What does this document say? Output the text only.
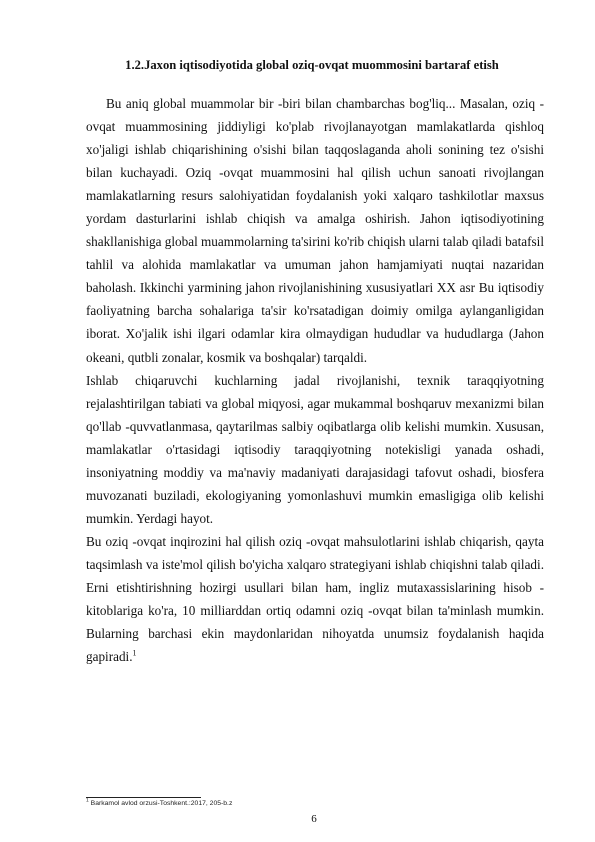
1.2.Jaxon iqtisodiyotida global oziq-ovqat muommosini bartaraf etish

Bu aniq global muammolar bir -biri bilan chambarchas bog'liq... Masalan, oziq -ovqat muammosining jiddiyligi ko'plab rivojlanayotgan mamlakatlarda qishloq xo'jaligi ishlab chiqarishining o'sishi bilan taqqoslaganda aholi sonining tez o'sishi bilan kuchayadi. Oziq -ovqat muammosini hal qilish uchun sanoati rivojlangan mamlakatlarning resurs salohiyatidan foydalanish yoki xalqaro tashkilotlar maxsus yordam dasturlarini ishlab chiqish va amalga oshirish. Jahon iqtisodiyotining shakllanishiga global muammolarning ta'sirini ko'rib chiqish ularni talab qiladi batafsil tahlil va alohida mamlakatlar va umuman jahon hamjamiyati nuqtai nazaridan baholash. Ikkinchi yarmining jahon rivojlanishining xususiyatlari XX asr Bu iqtisodiy faoliyatning barcha sohalariga ta'sir ko'rsatadigan doimiy omilga aylanganligidan iborat. Xo'jalik ishi ilgari odamlar kira olmaydigan hududlar va hududlarga (Jahon okeani, qutbli zonalar, kosmik va boshqalar) tarqaldi.

Ishlab chiqaruvchi kuchlarning jadal rivojlanishi, texnik taraqqiyotning rejalashtirilgan tabiati va global miqyosi, agar mukammal boshqaruv mexanizmi bilan qo'llab -quvvatlanmasa, qaytarilmas salbiy oqibatlarga olib kelishi mumkin. Xususan, mamlakatlar o'rtasidagi iqtisodiy taraqqiyotning notekisligi yanada oshadi, insoniyatning moddiy va ma'naviy madaniyati darajasidagi tafovut oshadi, biosfera muvozanati buziladi, ekologiyaning yomonlashuvi mumkin emasligiga olib kelishi mumkin. Yerdagi hayot.

Bu oziq -ovqat inqirozini hal qilish oziq -ovqat mahsulotlarini ishlab chiqarish, qayta taqsimlash va iste'mol qilish bo'yicha xalqaro strategiyani ishlab chiqishni talab qiladi. Erni etishtirishning hozirgi usullari bilan ham, ingliz mutaxassislarining hisob -kitoblariga ko'ra, 10 milliarddan ortiq odamni oziq -ovqat bilan ta'minlash mumkin. Bularning barchasi ekin maydonlaridan nihoyatda unumsiz foydalanish haqida gapiradi.$^1$

$^1$ Barkamol avlod orzusi-Toshkent.:2017, 205-b.z
6
